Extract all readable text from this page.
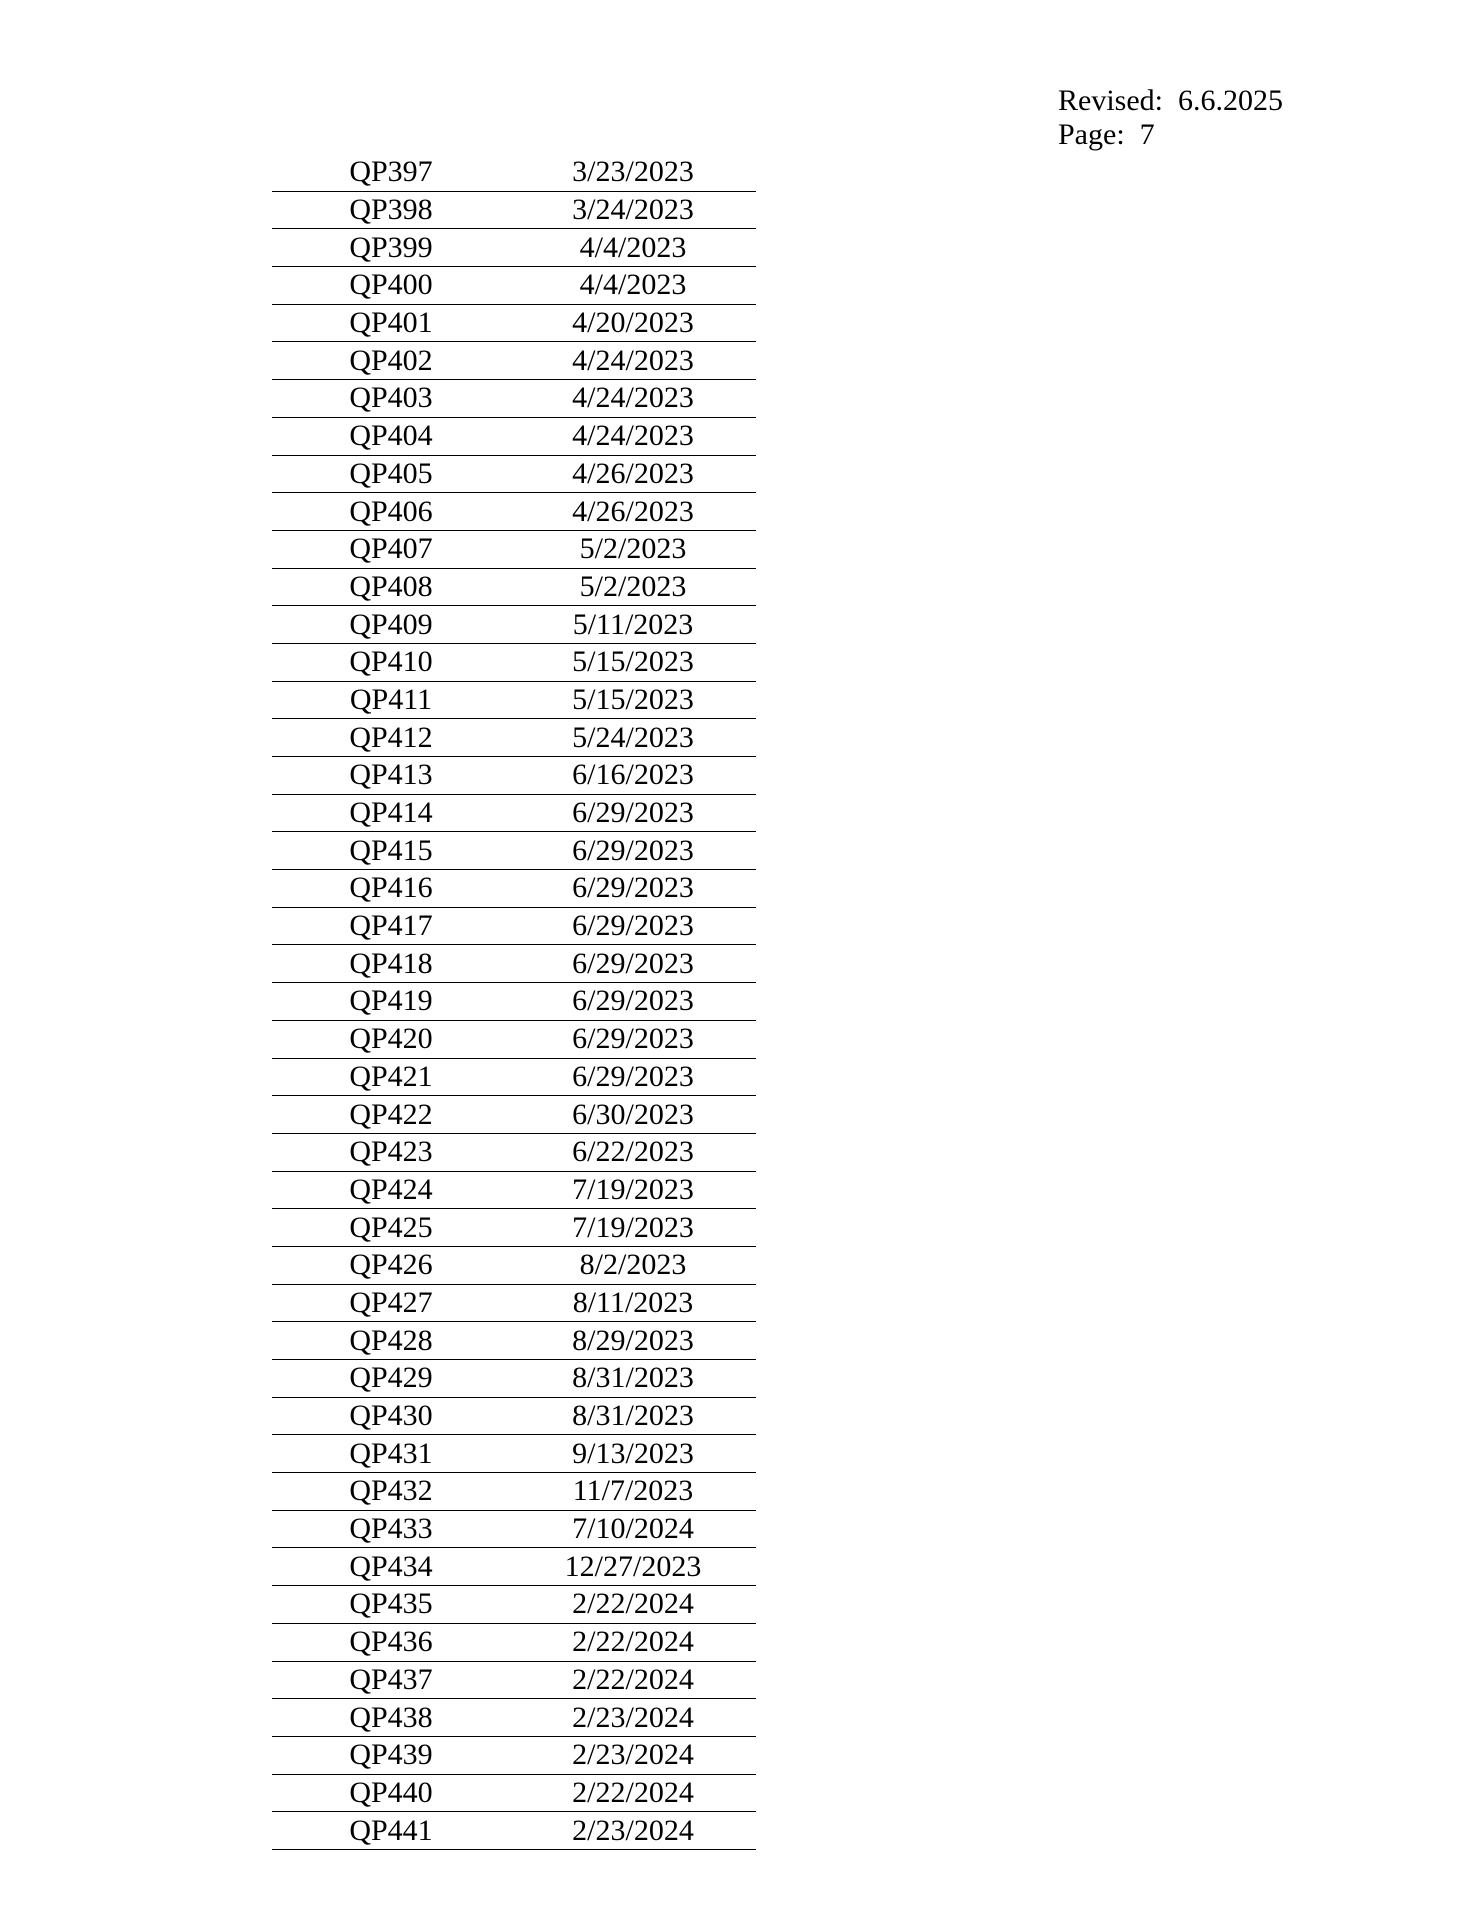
Revised: 6.6.2025
Page: 7
QP397	3/23/2023
QP398	3/24/2023
QP399	4/4/2023
QP400	4/4/2023
QP401	4/20/2023
QP402	4/24/2023
QP403	4/24/2023
QP404	4/24/2023
QP405	4/26/2023
QP406	4/26/2023
QP407	5/2/2023
QP408	5/2/2023
QP409	5/11/2023
QP410	5/15/2023
QP411	5/15/2023
QP412	5/24/2023
QP413	6/16/2023
QP414	6/29/2023
QP415	6/29/2023
QP416	6/29/2023
QP417	6/29/2023
QP418	6/29/2023
QP419	6/29/2023
QP420	6/29/2023
QP421	6/29/2023
QP422	6/30/2023
QP423	6/22/2023
QP424	7/19/2023
QP425	7/19/2023
QP426	8/2/2023
QP427	8/11/2023
QP428	8/29/2023
QP429	8/31/2023
QP430	8/31/2023
QP431	9/13/2023
QP432	11/7/2023
QP433	7/10/2024
QP434	12/27/2023
QP435	2/22/2024
QP436	2/22/2024
QP437	2/22/2024
QP438	2/23/2024
QP439	2/23/2024
QP440	2/22/2024
QP441	2/23/2024
